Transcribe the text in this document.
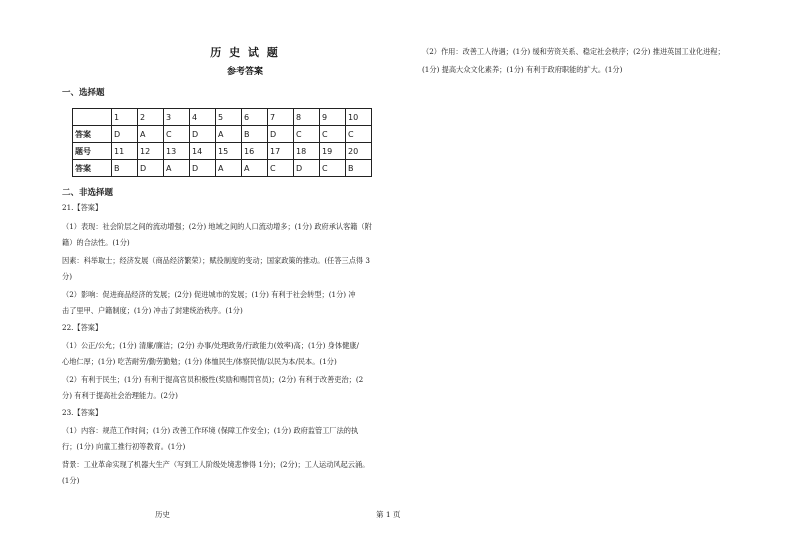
历 史 试 题
参考答案
一、选择题
	1	2	3	4	5	6	7	8	9	10
答案	D	A	C	D	A	B	D	C	C	C
题号	11	12	13	14	15	16	17	18	19	20
答案	B	D	A	D	A	A	C	D	C	B
二、非选择题
21.【答案】
（1）表现：社会阶层之间的流动增强；(2分) 地域之间的人口流动增多；(1分) 政府承认客籍（附
籍）的合法性。(1分)
因素：科举取士；经济发展（商品经济繁荣）；赋役制度的变动；国家政策的推动。(任答三点得 3
分)
（2）影响：促进商品经济的发展；(2分) 促进城市的发展；(1分) 有利于社会转型；(1分) 冲
击了里甲、户籍制度；(1分) 冲击了封建统治秩序。(1分)
22.【答案】
（1）公正/公允；(1分) 清廉/廉洁；(2分) 办事/处理政务/行政能力(效率)高；(1分) 身体健康/
心地仁厚；(1分) 吃苦耐劳/勤劳勤勉；(1分) 体恤民生/体察民情/以民为本/民本。(1分)
（2）有利于民生；(1分) 有利于提高官员积极性(奖励和赐罚官员)；(2分) 有利于改善吏治；(2
分) 有利于提高社会治理能力。(2分)
23.【答案】
（1）内容：规范工作时间；(1分) 改善工作环境 (保障工作安全)；(1分) 政府监管工厂法的执
行；(1分) 向童工推行初等教育。(1分)
背景：工业革命实现了机器大生产（写到工人阶级处境悲惨得 1分)；(2分)；工人运动风起云涌。
(1分)
（2）作用：改善工人待遇；(1分) 缓和劳资关系、稳定社会秩序；(2分) 推进英国工业化进程；
(1分) 提高大众文化素养；(1分) 有利于政府职能的扩大。(1分)
历史	第 1 页
